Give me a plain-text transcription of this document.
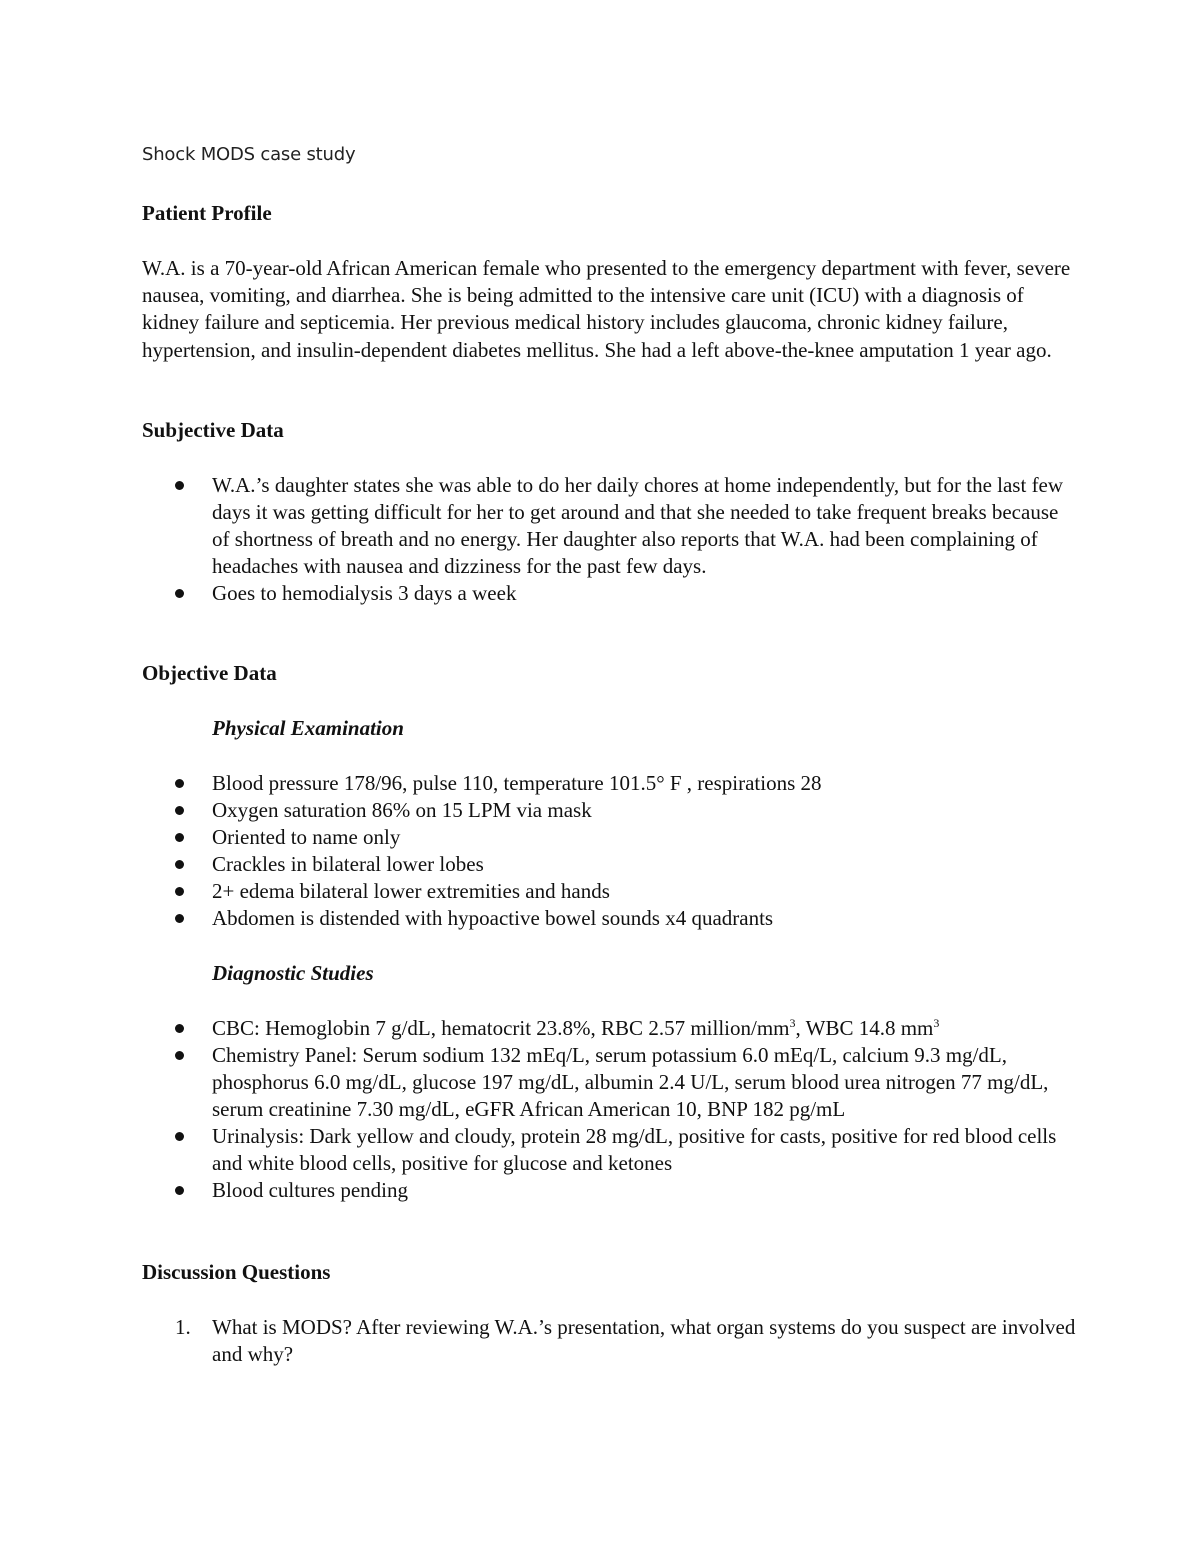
Shock MODS case study
Patient Profile
W.A. is a 70-year-old African American female who presented to the emergency department with fever, severe nausea, vomiting, and diarrhea. She is being admitted to the intensive care unit (ICU) with a diagnosis of kidney failure and septicemia. Her previous medical history includes glaucoma, chronic kidney failure, hypertension, and insulin-dependent diabetes mellitus. She had a left above-the-knee amputation 1 year ago.
Subjective Data
W.A.’s daughter states she was able to do her daily chores at home independently, but for the last few days it was getting difficult for her to get around and that she needed to take frequent breaks because of shortness of breath and no energy. Her daughter also reports that W.A. had been complaining of headaches with nausea and dizziness for the past few days.
Goes to hemodialysis 3 days a week
Objective Data
Physical Examination
Blood pressure 178/96, pulse 110, temperature 101.5° F , respirations 28
Oxygen saturation 86% on 15 LPM via mask
Oriented to name only
Crackles in bilateral lower lobes
2+ edema bilateral lower extremities and hands
Abdomen is distended with hypoactive bowel sounds x4 quadrants
Diagnostic Studies
CBC: Hemoglobin 7 g/dL, hematocrit 23.8%, RBC 2.57 million/$mm^3$, WBC 14.8 $mm^3$
Chemistry Panel: Serum sodium 132 mEq/L, serum potassium 6.0 mEq/L, calcium 9.3 mg/dL, phosphorus 6.0 mg/dL, glucose 197 mg/dL, albumin 2.4 U/L, serum blood urea nitrogen 77 mg/dL, serum creatinine 7.30 mg/dL, eGFR African American 10, BNP 182 pg/mL
Urinalysis: Dark yellow and cloudy, protein 28 mg/dL, positive for casts, positive for red blood cells and white blood cells, positive for glucose and ketones
Blood cultures pending
Discussion Questions
1. What is MODS? After reviewing W.A.’s presentation, what organ systems do you suspect are involved and why?
